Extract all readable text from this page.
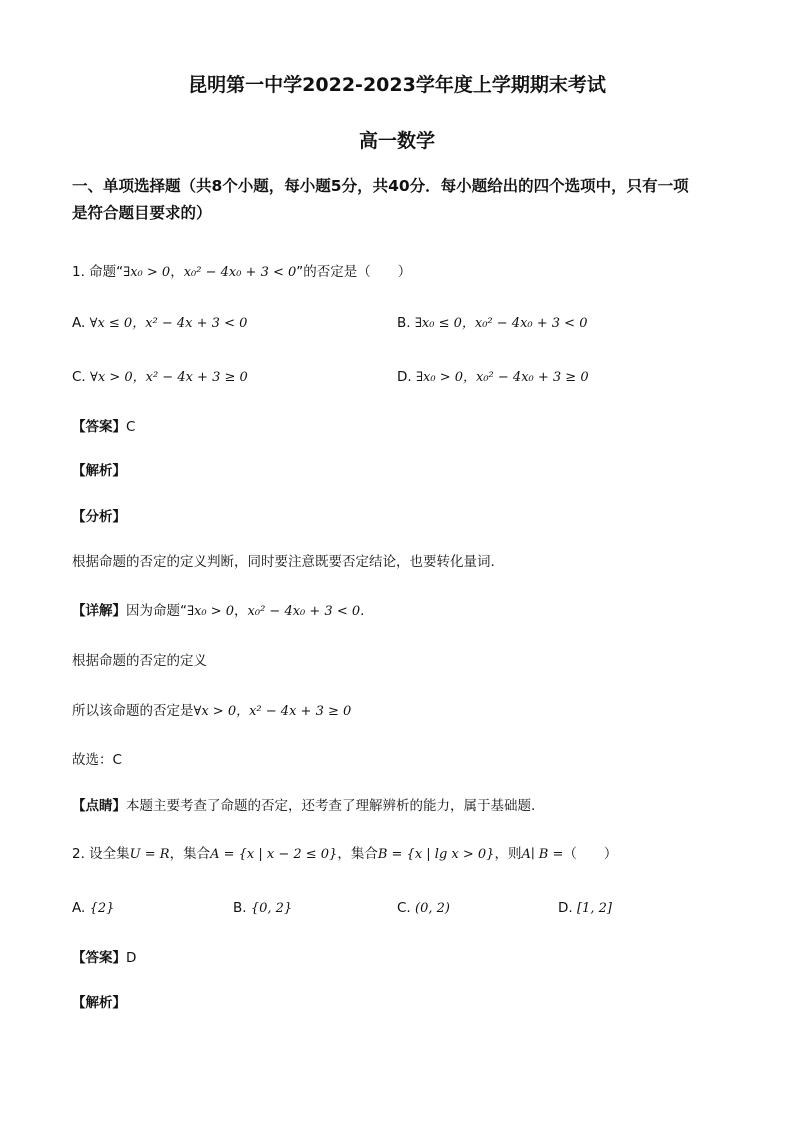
昆明第一中学2022-2023学年度上学期期末考试
高一数学
一、单项选择题（共8个小题，每小题5分，共40分．每小题给出的四个选项中，只有一项
是符合题目要求的）
1. 命题“∃x₀ > 0，x₀² − 4x₀ + 3 < 0”的否定是（　　）
A. ∀x ≤ 0，x² − 4x + 3 < 0	B. ∃x₀ ≤ 0，x₀² − 4x₀ + 3 < 0
C. ∀x > 0，x² − 4x + 3 ≥ 0	D. ∃x₀ > 0，x₀² − 4x₀ + 3 ≥ 0
【答案】C
【解析】
【分析】
根据命题的否定的定义判断，同时要注意既要否定结论，也要转化量词.
【详解】因为命题“∃x₀ > 0，x₀² − 4x₀ + 3 < 0.
根据命题的否定的定义
所以该命题的否定是∀x > 0，x² − 4x + 3 ≥ 0
故选：C
【点睛】本题主要考查了命题的否定，还考查了理解辨析的能力，属于基础题.
2. 设全集U = R，集合A = {x | x − 2 ≤ 0}，集合B = {x | lg x > 0}，则A∣ B =（　　）
A. {2}	B. {0, 2}	C. (0, 2)	D. [1, 2]
【答案】D
【解析】
